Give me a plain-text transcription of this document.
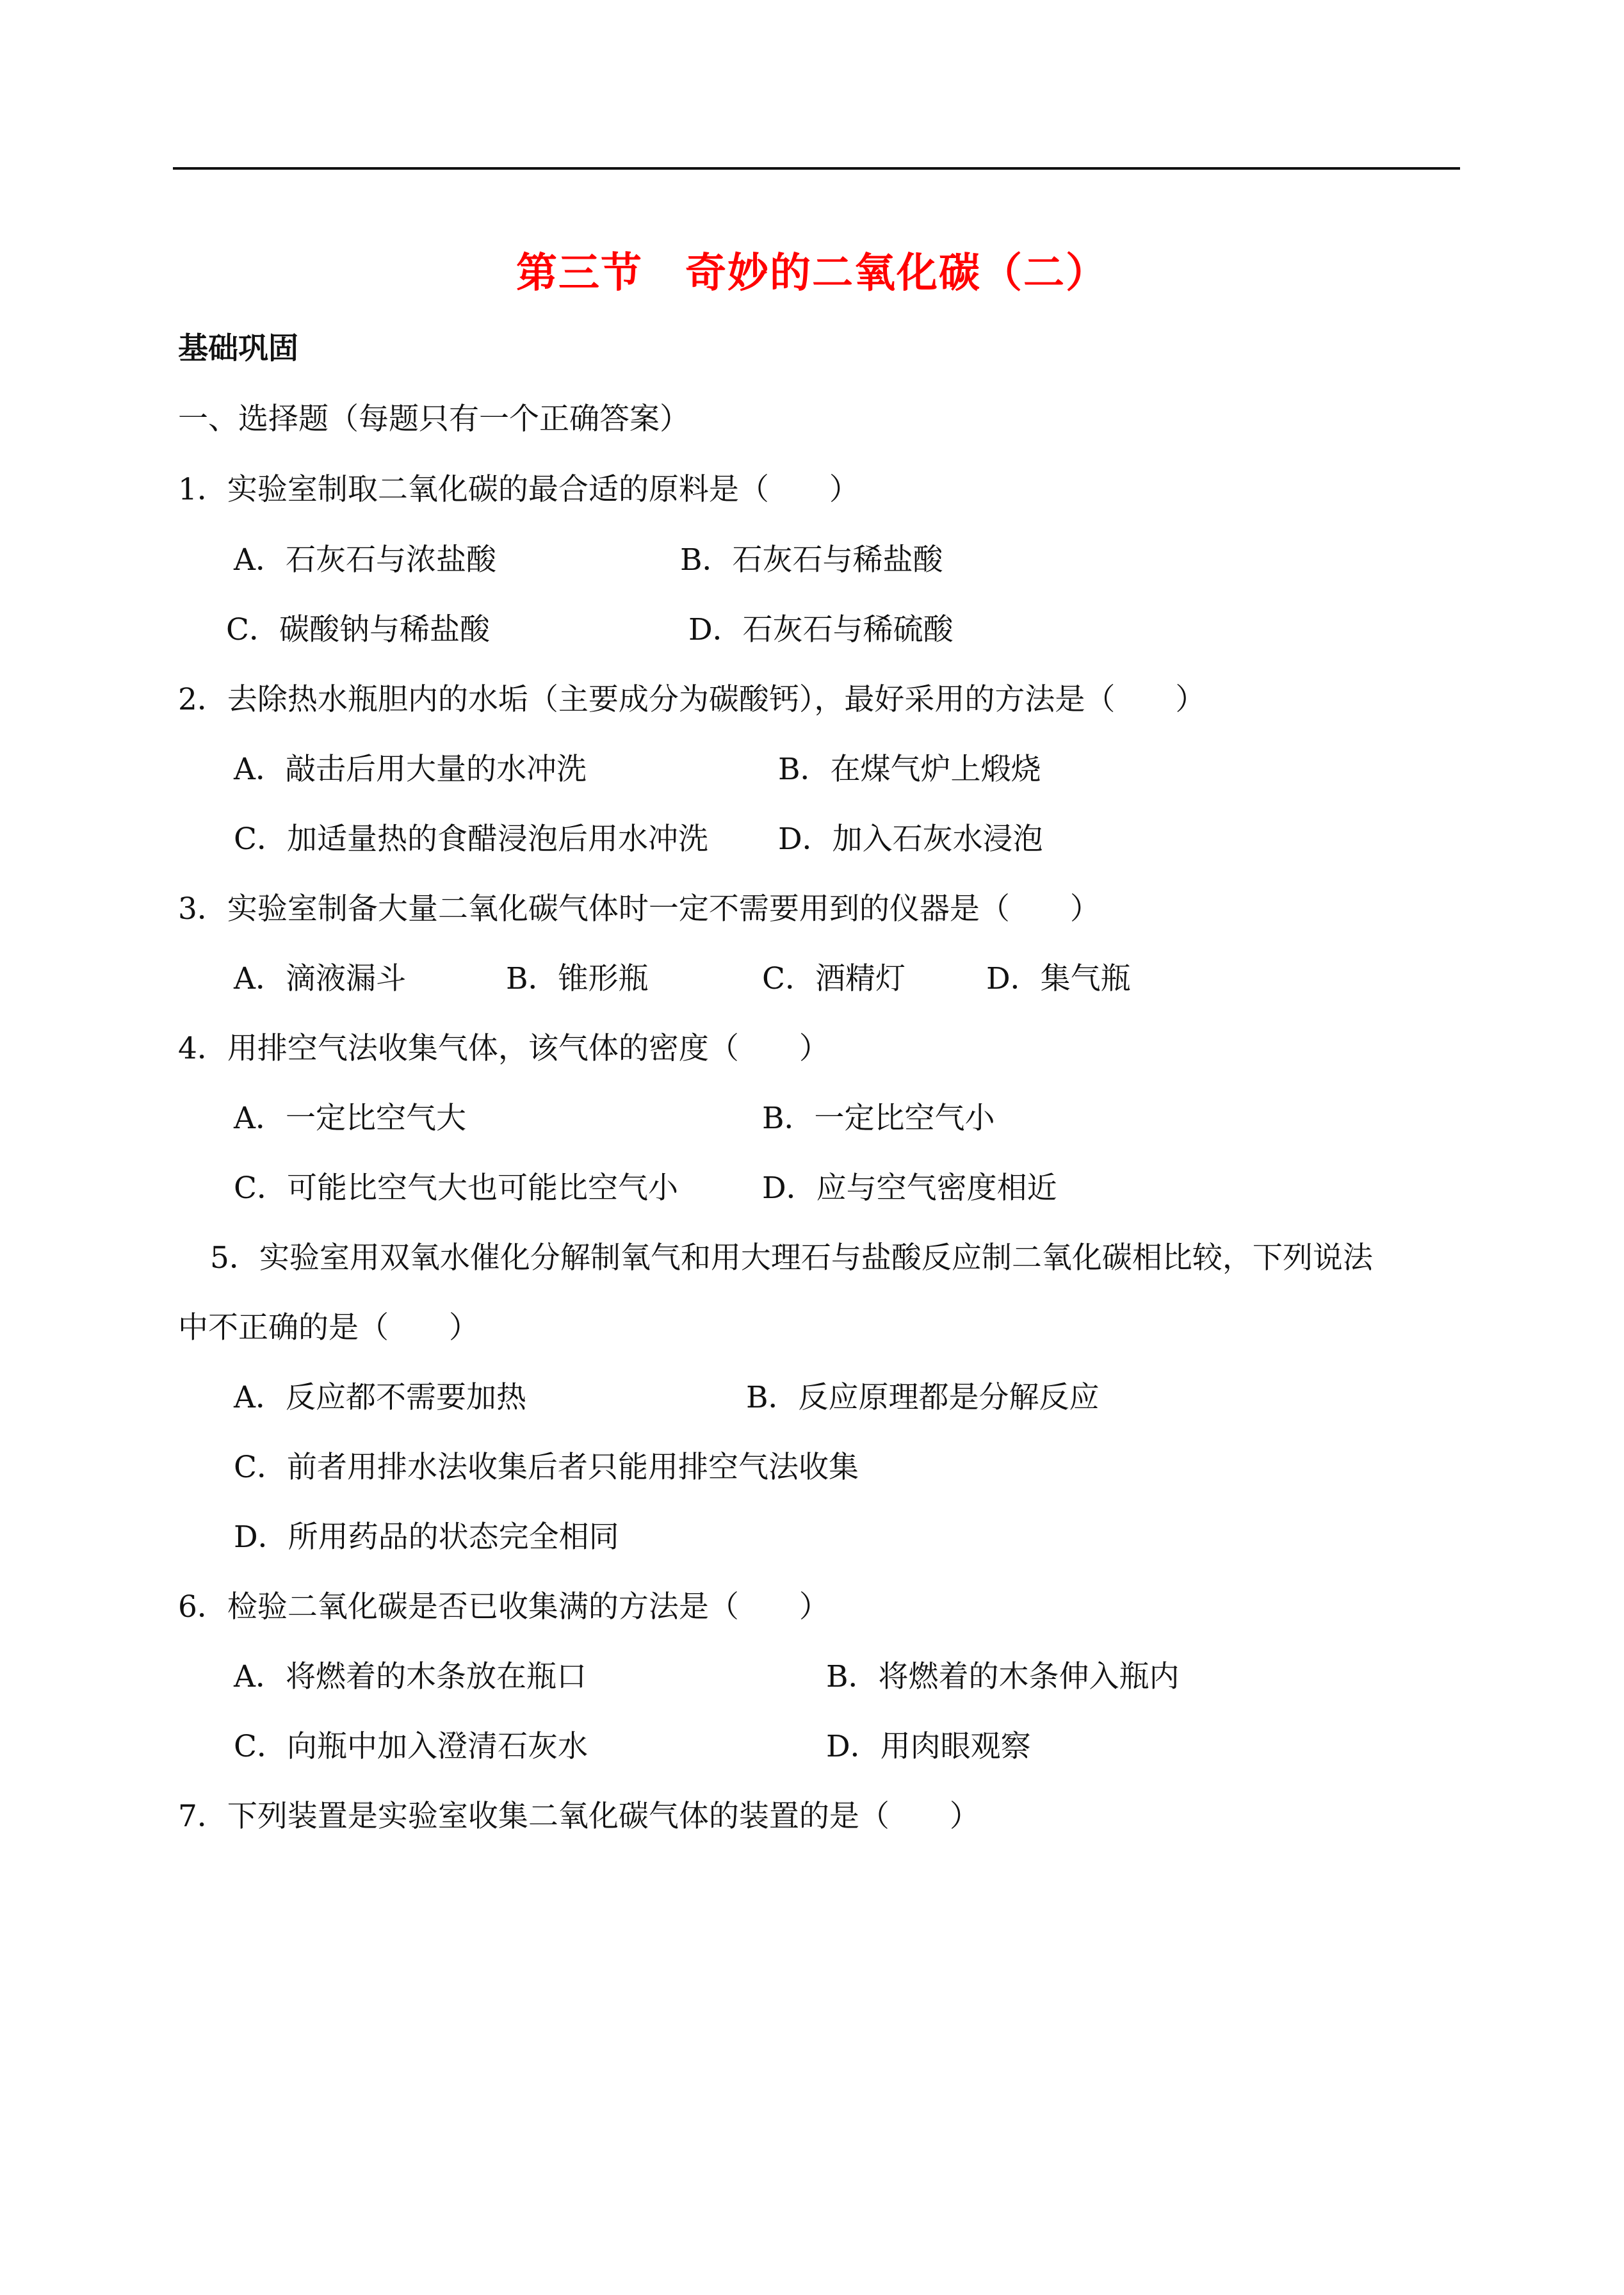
第三节　奇妙的二氧化碳（二）
基础巩固
一、选择题（每题只有一个正确答案）
1．实验室制取二氧化碳的最合适的原料是（　　）
A．石灰石与浓盐酸	B．石灰石与稀盐酸
C．碳酸钠与稀盐酸	D．石灰石与稀硫酸
2．去除热水瓶胆内的水垢（主要成分为碳酸钙），最好采用的方法是（　　）
A．敲击后用大量的水冲洗	B．在煤气炉上煅烧
C．加适量热的食醋浸泡后用水冲洗 D．加入石灰水浸泡
3．实验室制备大量二氧化碳气体时一定不需要用到的仪器是（　　）
A．滴液漏斗	B．锥形瓶	C．酒精灯	D．集气瓶
4．用排空气法收集气体，该气体的密度（　　）
A．一定比空气大	B．一定比空气小
C．可能比空气大也可能比空气小	D．应与空气密度相近
5．实验室用双氧水催化分解制氧气和用大理石与盐酸反应制二氧化碳相比较，下列说法
中不正确的是（　　）
A．反应都不需要加热	B．反应原理都是分解反应
C．前者用排水法收集后者只能用排空气法收集
D．所用药品的状态完全相同
6．检验二氧化碳是否已收集满的方法是（　　）
A．将燃着的木条放在瓶口	B．将燃着的木条伸入瓶内
C．向瓶中加入澄清石灰水	D．用肉眼观察
7．下列装置是实验室收集二氧化碳气体的装置的是（　　）
